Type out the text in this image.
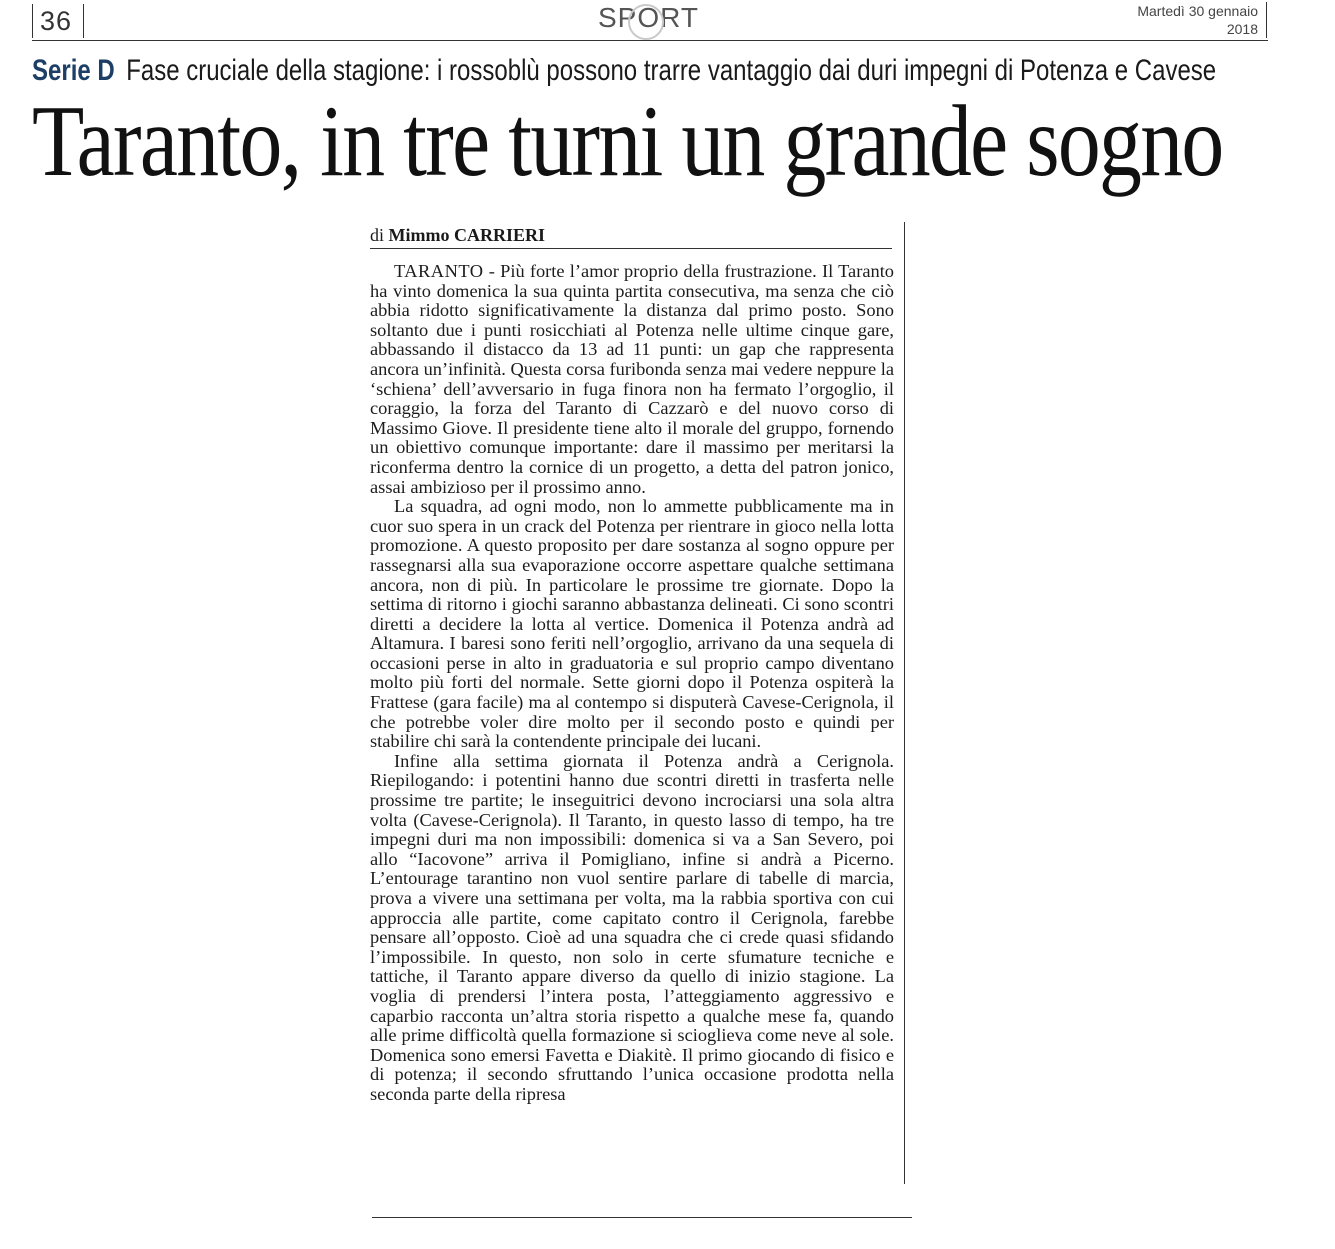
36	SPORT	Martedì 30 gennaio
2018
Serie D Fase cruciale della stagione: i rossoblù possono trarre vantaggio dai duri impegni di Potenza e Cavese
Taranto, in tre turni un grande sogno
di Mimmo CARRIERI

TARANTO - Più forte l’amor proprio della frustrazione. Il Taranto ha vinto domenica la sua quinta partita consecutiva, ma senza che ciò abbia ridotto significativamente la distanza dal primo posto. Sono soltanto due i punti rosicchiati al Potenza nelle ultime cinque gare, abbassando il distacco da 13 ad 11 punti: un gap che rappresenta ancora un’infinità. Questa corsa furibonda senza mai vedere neppure la ‘schiena’ dell’avversario in fuga finora non ha fermato l’orgoglio, il coraggio, la forza del Taranto di Cazzarò e del nuovo corso di Massimo Giove. Il presidente tiene alto il morale del gruppo, fornendo un obiettivo comunque importante: dare il massimo per meritarsi la riconferma dentro la cornice di un progetto, a detta del patron jonico, assai ambizioso per il prossimo anno.

La squadra, ad ogni modo, non lo ammette pubblicamente ma in cuor suo spera in un crack del Potenza per rientrare in gioco nella lotta promozione. A questo proposito per dare sostanza al sogno oppure per rassegnarsi alla sua evaporazione occorre aspettare qualche settimana ancora, non di più. In particolare le prossime tre giornate. Dopo la settima di ritorno i giochi saranno abbastanza delineati. Ci sono scontri diretti a decidere la lotta al vertice. Domenica il Potenza andrà ad Altamura. I baresi sono feriti nell’orgoglio, arrivano da una sequela di occasioni perse in alto in graduatoria e sul proprio campo diventano molto più forti del normale. Sette giorni dopo il Potenza ospiterà la Frattese (gara facile) ma al contempo si disputerà Cavese-Cerignola, il che potrebbe voler dire molto per il secondo posto e quindi per stabilire chi sarà la contendente principale dei lucani.

Infine alla settima giornata il Potenza andrà a Cerignola. Riepilogando: i potentini hanno due scontri diretti in trasferta nelle prossime tre partite; le inseguitrici devono incrociarsi una sola altra volta (Cavese-Cerignola). Il Taranto, in questo lasso di tempo, ha tre impegni duri ma non impossibili: domenica si va a San Severo, poi allo “Iacovone” arriva il Pomigliano, infine si andrà a Picerno. L’entourage tarantino non vuol sentire parlare di tabelle di marcia, prova a vivere una settimana per volta, ma la rabbia sportiva con cui approccia alle partite, come capitato contro il Cerignola, farebbe pensare all’opposto. Cioè ad una squadra che ci crede quasi sfidando l’impossibile. In questo, non solo in certe sfumature tecniche e tattiche, il Taranto appare diverso da quello di inizio stagione. La voglia di prendersi l’intera posta, l’atteggiamento aggressivo e caparbio racconta un’altra storia rispetto a qualche mese fa, quando alle prime difficoltà quella formazione si scioglieva come neve al sole. Domenica sono emersi Favetta e Diakitè. Il primo giocando di fisico e di potenza; il secondo sfruttando l’unica occasione prodotta nella seconda parte della ripresa
